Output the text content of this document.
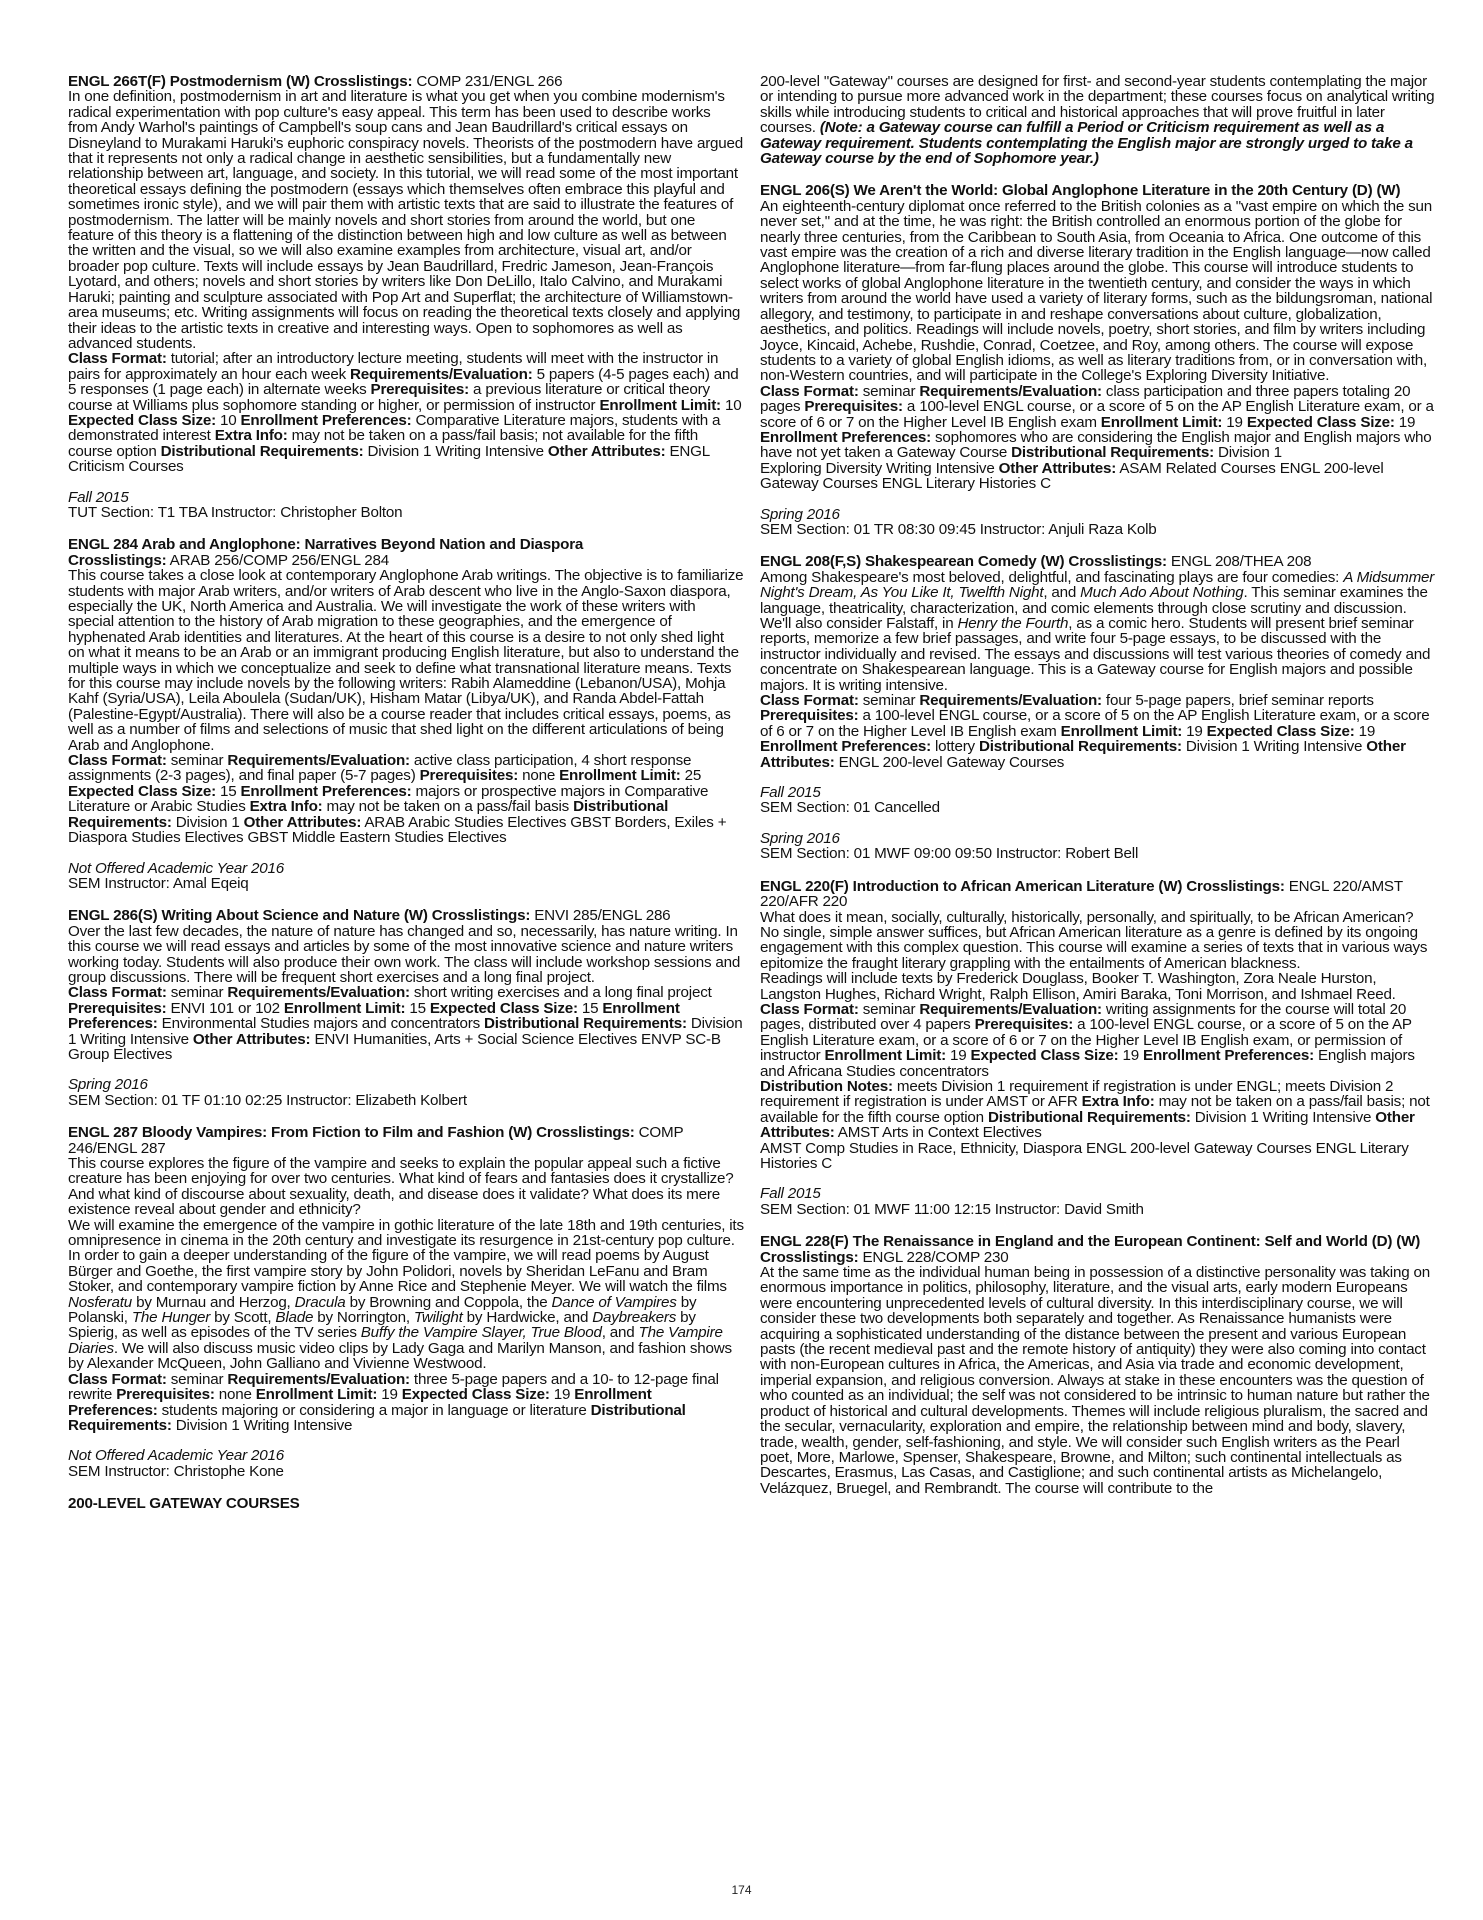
ENGL 266T(F) Postmodernism (W) Crosslistings: COMP 231/ENGL 266

In one definition, postmodernism in art and literature is what you get when you combine modernism's radical experimentation with pop culture's easy appeal. This term has been used to describe works from Andy Warhol's paintings of Campbell's soup cans and Jean Baudrillard's critical essays on Disneyland to Murakami Haruki's euphoric conspiracy novels. Theorists of the postmodern have argued that it represents not only a radical change in aesthetic sensibilities, but a fundamentally new relationship between art, language, and society. In this tutorial, we will read some of the most important theoretical essays defining the postmodern (essays which themselves often embrace this playful and sometimes ironic style), and we will pair them with artistic texts that are said to illustrate the features of postmodernism. The latter will be mainly novels and short stories from around the world, but one feature of this theory is a flattening of the distinction between high and low culture as well as between the written and the visual, so we will also examine examples from architecture, visual art, and/or broader pop culture. Texts will include essays by Jean Baudrillard, Fredric Jameson, Jean-François Lyotard, and others; novels and short stories by writers like Don DeLillo, Italo Calvino, and Murakami Haruki; painting and sculpture associated with Pop Art and Superflat; the architecture of Williamstown-area museums; etc. Writing assignments will focus on reading the theoretical texts closely and applying their ideas to the artistic texts in creative and interesting ways. Open to sophomores as well as advanced students.

Class Format: tutorial; after an introductory lecture meeting, students will meet with the instructor in pairs for approximately an hour each week Requirements/Evaluation: 5 papers (4-5 pages each) and 5 responses (1 page each) in alternate weeks Prerequisites: a previous literature or critical theory course at Williams plus sophomore standing or higher, or permission of instructor Enrollment Limit: 10 Expected Class Size: 10 Enrollment Preferences: Comparative Literature majors, students with a demonstrated interest Extra Info: may not be taken on a pass/fail basis; not available for the fifth course option Distributional Requirements: Division 1 Writing Intensive Other Attributes: ENGL Criticism Courses

Fall 2015

TUT Section: T1 TBA Instructor: Christopher Bolton

ENGL 284 Arab and Anglophone: Narratives Beyond Nation and Diaspora

Crosslistings: ARAB 256/COMP 256/ENGL 284

This course takes a close look at contemporary Anglophone Arab writings. The objective is to familiarize students with major Arab writers, and/or writers of Arab descent who live in the Anglo-Saxon diaspora, especially the UK, North America and Australia. We will investigate the work of these writers with special attention to the history of Arab migration to these geographies, and the emergence of hyphenated Arab identities and literatures. At the heart of this course is a desire to not only shed light on what it means to be an Arab or an immigrant producing English literature, but also to understand the multiple ways in which we conceptualize and seek to define what transnational literature means. Texts for this course may include novels by the following writers: Rabih Alameddine (Lebanon/USA), Mohja Kahf (Syria/USA), Leila Aboulela (Sudan/UK), Hisham Matar (Libya/UK), and Randa Abdel-Fattah (Palestine-Egypt/Australia). There will also be a course reader that includes critical essays, poems, as well as a number of films and selections of music that shed light on the different articulations of being Arab and Anglophone.

Class Format: seminar Requirements/Evaluation: active class participation, 4 short response assignments (2-3 pages), and final paper (5-7 pages) Prerequisites: none Enrollment Limit: 25 Expected Class Size: 15 Enrollment Preferences: majors or prospective majors in Comparative Literature or Arabic Studies Extra Info: may not be taken on a pass/fail basis Distributional Requirements: Division 1 Other Attributes: ARAB Arabic Studies Electives GBST Borders, Exiles + Diaspora Studies Electives GBST Middle Eastern Studies Electives

Not Offered Academic Year 2016

SEM Instructor: Amal Eqeiq

ENGL 286(S) Writing About Science and Nature (W) Crosslistings: ENVI 285/ENGL 286

Over the last few decades, the nature of nature has changed and so, necessarily, has nature writing. In this course we will read essays and articles by some of the most innovative science and nature writers working today. Students will also produce their own work. The class will include workshop sessions and group discussions. There will be frequent short exercises and a long final project.

Class Format: seminar Requirements/Evaluation: short writing exercises and a long final project Prerequisites: ENVI 101 or 102 Enrollment Limit: 15 Expected Class Size: 15 Enrollment Preferences: Environmental Studies majors and concentrators Distributional Requirements: Division 1 Writing Intensive Other Attributes: ENVI Humanities, Arts + Social Science Electives ENVP SC-B Group Electives

Spring 2016

SEM Section: 01 TF 01:10 02:25 Instructor: Elizabeth Kolbert

ENGL 287 Bloody Vampires: From Fiction to Film and Fashion (W) Crosslistings: COMP 246/ENGL 287

This course explores the figure of the vampire and seeks to explain the popular appeal such a fictive creature has been enjoying for over two centuries. What kind of fears and fantasies does it crystallize? And what kind of discourse about sexuality, death, and disease does it validate? What does its mere existence reveal about gender and ethnicity?

We will examine the emergence of the vampire in gothic literature of the late 18th and 19th centuries, its omnipresence in cinema in the 20th century and investigate its resurgence in 21st-century pop culture. In order to gain a deeper understanding of the figure of the vampire, we will read poems by August Bürger and Goethe, the first vampire story by John Polidori, novels by Sheridan LeFanu and Bram Stoker, and contemporary vampire fiction by Anne Rice and Stephenie Meyer. We will watch the films Nosferatu by Murnau and Herzog, Dracula by Browning and Coppola, the Dance of Vampires by Polanski, The Hunger by Scott, Blade by Norrington, Twilight by Hardwicke, and Daybreakers by Spierig, as well as episodes of the TV series Buffy the Vampire Slayer, True Blood, and The Vampire Diaries. We will also discuss music video clips by Lady Gaga and Marilyn Manson, and fashion shows by Alexander McQueen, John Galliano and Vivienne Westwood.

Class Format: seminar Requirements/Evaluation: three 5-page papers and a 10- to 12-page final rewrite Prerequisites: none Enrollment Limit: 19 Expected Class Size: 19 Enrollment Preferences: students majoring or considering a major in language or literature Distributional Requirements: Division 1 Writing Intensive

Not Offered Academic Year 2016

SEM Instructor: Christophe Kone

200-LEVEL GATEWAY COURSES

200-level "Gateway" courses are designed for first- and second-year students contemplating the major or intending to pursue more advanced work in the department; these courses focus on analytical writing skills while introducing students to critical and historical approaches that will prove fruitful in later courses. (Note: a Gateway course can fulfill a Period or Criticism requirement as well as a Gateway requirement. Students contemplating the English major are strongly urged to take a Gateway course by the end of Sophomore year.)

ENGL 206(S) We Aren't the World: Global Anglophone Literature in the 20th Century (D) (W)

An eighteenth-century diplomat once referred to the British colonies as a "vast empire on which the sun never set," and at the time, he was right: the British controlled an enormous portion of the globe for nearly three centuries, from the Caribbean to South Asia, from Oceania to Africa. One outcome of this vast empire was the creation of a rich and diverse literary tradition in the English language—now called Anglophone literature—from far-flung places around the globe. This course will introduce students to select works of global Anglophone literature in the twentieth century, and consider the ways in which writers from around the world have used a variety of literary forms, such as the bildungsroman, national allegory, and testimony, to participate in and reshape conversations about culture, globalization, aesthetics, and politics. Readings will include novels, poetry, short stories, and film by writers including Joyce, Kincaid, Achebe, Rushdie, Conrad, Coetzee, and Roy, among others. The course will expose students to a variety of global English idioms, as well as literary traditions from, or in conversation with, non-Western countries, and will participate in the College's Exploring Diversity Initiative.

Class Format: seminar Requirements/Evaluation: class participation and three papers totaling 20 pages Prerequisites: a 100-level ENGL course, or a score of 5 on the AP English Literature exam, or a score of 6 or 7 on the Higher Level IB English exam Enrollment Limit: 19 Expected Class Size: 19 Enrollment Preferences: sophomores who are considering the English major and English majors who have not yet taken a Gateway Course Distributional Requirements: Division 1

Exploring Diversity Writing Intensive Other Attributes: ASAM Related Courses ENGL 200-level Gateway Courses ENGL Literary Histories C

Spring 2016

SEM Section: 01 TR 08:30 09:45 Instructor: Anjuli Raza Kolb

ENGL 208(F,S) Shakespearean Comedy (W) Crosslistings: ENGL 208/THEA 208

Among Shakespeare's most beloved, delightful, and fascinating plays are four comedies: A Midsummer Night's Dream, As You Like It, Twelfth Night, and Much Ado About Nothing. This seminar examines the language, theatricality, characterization, and comic elements through close scrutiny and discussion. We'll also consider Falstaff, in Henry the Fourth, as a comic hero. Students will present brief seminar reports, memorize a few brief passages, and write four 5-page essays, to be discussed with the instructor individually and revised. The essays and discussions will test various theories of comedy and concentrate on Shakespearean language. This is a Gateway course for English majors and possible majors. It is writing intensive.

Class Format: seminar Requirements/Evaluation: four 5-page papers, brief seminar reports Prerequisites: a 100-level ENGL course, or a score of 5 on the AP English Literature exam, or a score of 6 or 7 on the Higher Level IB English exam Enrollment Limit: 19 Expected Class Size: 19 Enrollment Preferences: lottery Distributional Requirements: Division 1 Writing Intensive Other Attributes: ENGL 200-level Gateway Courses

Fall 2015

SEM Section: 01 Cancelled

Spring 2016

SEM Section: 01 MWF 09:00 09:50 Instructor: Robert Bell

ENGL 220(F) Introduction to African American Literature (W) Crosslistings: ENGL 220/AMST 220/AFR 220

What does it mean, socially, culturally, historically, personally, and spiritually, to be African American? No single, simple answer suffices, but African American literature as a genre is defined by its ongoing engagement with this complex question. This course will examine a series of texts that in various ways epitomize the fraught literary grappling with the entailments of American blackness.

Readings will include texts by Frederick Douglass, Booker T. Washington, Zora Neale Hurston, Langston Hughes, Richard Wright, Ralph Ellison, Amiri Baraka, Toni Morrison, and Ishmael Reed.

Class Format: seminar Requirements/Evaluation: writing assignments for the course will total 20 pages, distributed over 4 papers Prerequisites: a 100-level ENGL course, or a score of 5 on the AP English Literature exam, or a score of 6 or 7 on the Higher Level IB English exam, or permission of instructor Enrollment Limit: 19 Expected Class Size: 19 Enrollment Preferences: English majors and Africana Studies concentrators

Distribution Notes: meets Division 1 requirement if registration is under ENGL; meets Division 2 requirement if registration is under AMST or AFR Extra Info: may not be taken on a pass/fail basis; not available for the fifth course option Distributional Requirements: Division 1 Writing Intensive Other Attributes: AMST Arts in Context Electives

AMST Comp Studies in Race, Ethnicity, Diaspora ENGL 200-level Gateway Courses ENGL Literary Histories C

Fall 2015

SEM Section: 01 MWF 11:00 12:15 Instructor: David Smith

ENGL 228(F) The Renaissance in England and the European Continent: Self and World (D) (W) Crosslistings: ENGL 228/COMP 230

At the same time as the individual human being in possession of a distinctive personality was taking on enormous importance in politics, philosophy, literature, and the visual arts, early modern Europeans were encountering unprecedented levels of cultural diversity. In this interdisciplinary course, we will consider these two developments both separately and together. As Renaissance humanists were acquiring a sophisticated understanding of the distance between the present and various European pasts (the recent medieval past and the remote history of antiquity) they were also coming into contact with non-European cultures in Africa, the Americas, and Asia via trade and economic development, imperial expansion, and religious conversion. Always at stake in these encounters was the question of who counted as an individual; the self was not considered to be intrinsic to human nature but rather the product of historical and cultural developments. Themes will include religious pluralism, the sacred and the secular, vernacularity, exploration and empire, the relationship between mind and body, slavery, trade, wealth, gender, self-fashioning, and style. We will consider such English writers as the Pearl poet, More, Marlowe, Spenser, Shakespeare, Browne, and Milton; such continental intellectuals as Descartes, Erasmus, Las Casas, and Castiglione; and such continental artists as Michelangelo, Velázquez, Bruegel, and Rembrandt. The course will contribute to the

174
